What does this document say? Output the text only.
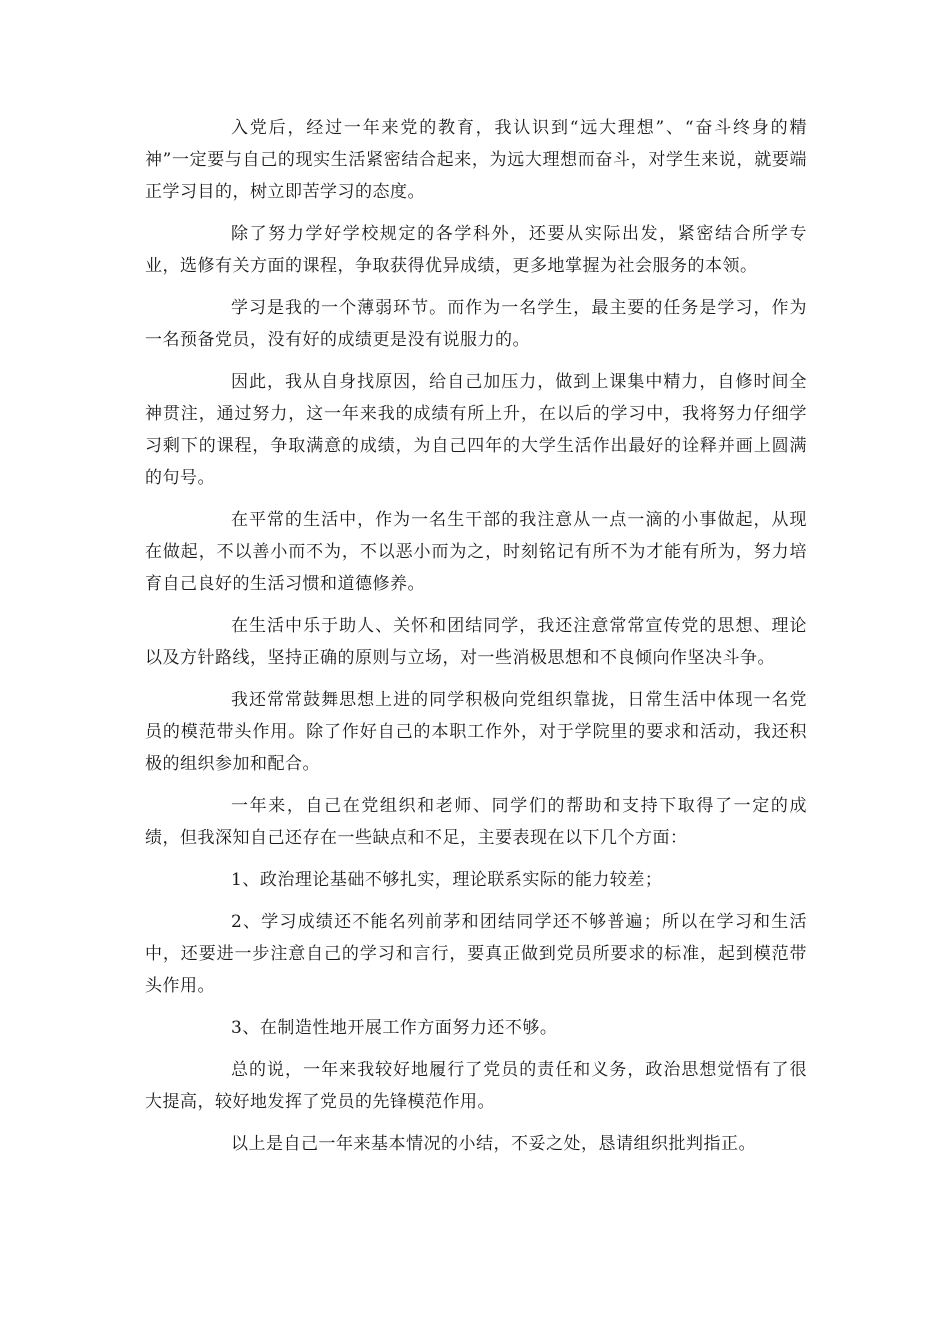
入党后，经过一年来党的教育，我认识到“远大理想”、“奋斗终身的精神”一定要与自己的现实生活紧密结合起来，为远大理想而奋斗，对学生来说，就要端正学习目的，树立即苦学习的态度。

除了努力学好学校规定的各学科外，还要从实际出发，紧密结合所学专业，选修有关方面的课程，争取获得优异成绩，更多地掌握为社会服务的本领。

学习是我的一个薄弱环节。而作为一名学生，最主要的任务是学习，作为一名预备党员，没有好的成绩更是没有说服力的。

因此，我从自身找原因，给自己加压力，做到上课集中精力，自修时间全神贯注，通过努力，这一年来我的成绩有所上升，在以后的学习中，我将努力仔细学习剩下的课程，争取满意的成绩，为自己四年的大学生活作出最好的诠释并画上圆满的句号。

在平常的生活中，作为一名生干部的我注意从一点一滴的小事做起，从现在做起，不以善小而不为，不以恶小而为之，时刻铭记有所不为才能有所为，努力培育自己良好的生活习惯和道德修养。

在生活中乐于助人、关怀和团结同学，我还注意常常宣传党的思想、理论以及方针路线，坚持正确的原则与立场，对一些消极思想和不良倾向作坚决斗争。

我还常常鼓舞思想上进的同学积极向党组织靠拢，日常生活中体现一名党员的模范带头作用。除了作好自己的本职工作外，对于学院里的要求和活动，我还积极的组织参加和配合。

一年来，自己在党组织和老师、同学们的帮助和支持下取得了一定的成绩，但我深知自己还存在一些缺点和不足，主要表现在以下几个方面：

1、政治理论基础不够扎实，理论联系实际的能力较差；

2、学习成绩还不能名列前茅和团结同学还不够普遍；所以在学习和生活中，还要进一步注意自己的学习和言行，要真正做到党员所要求的标准，起到模范带头作用。

3、在制造性地开展工作方面努力还不够。

总的说，一年来我较好地履行了党员的责任和义务，政治思想觉悟有了很大提高，较好地发挥了党员的先锋模范作用。

以上是自己一年来基本情况的小结，不妥之处，恳请组织批判指正。
